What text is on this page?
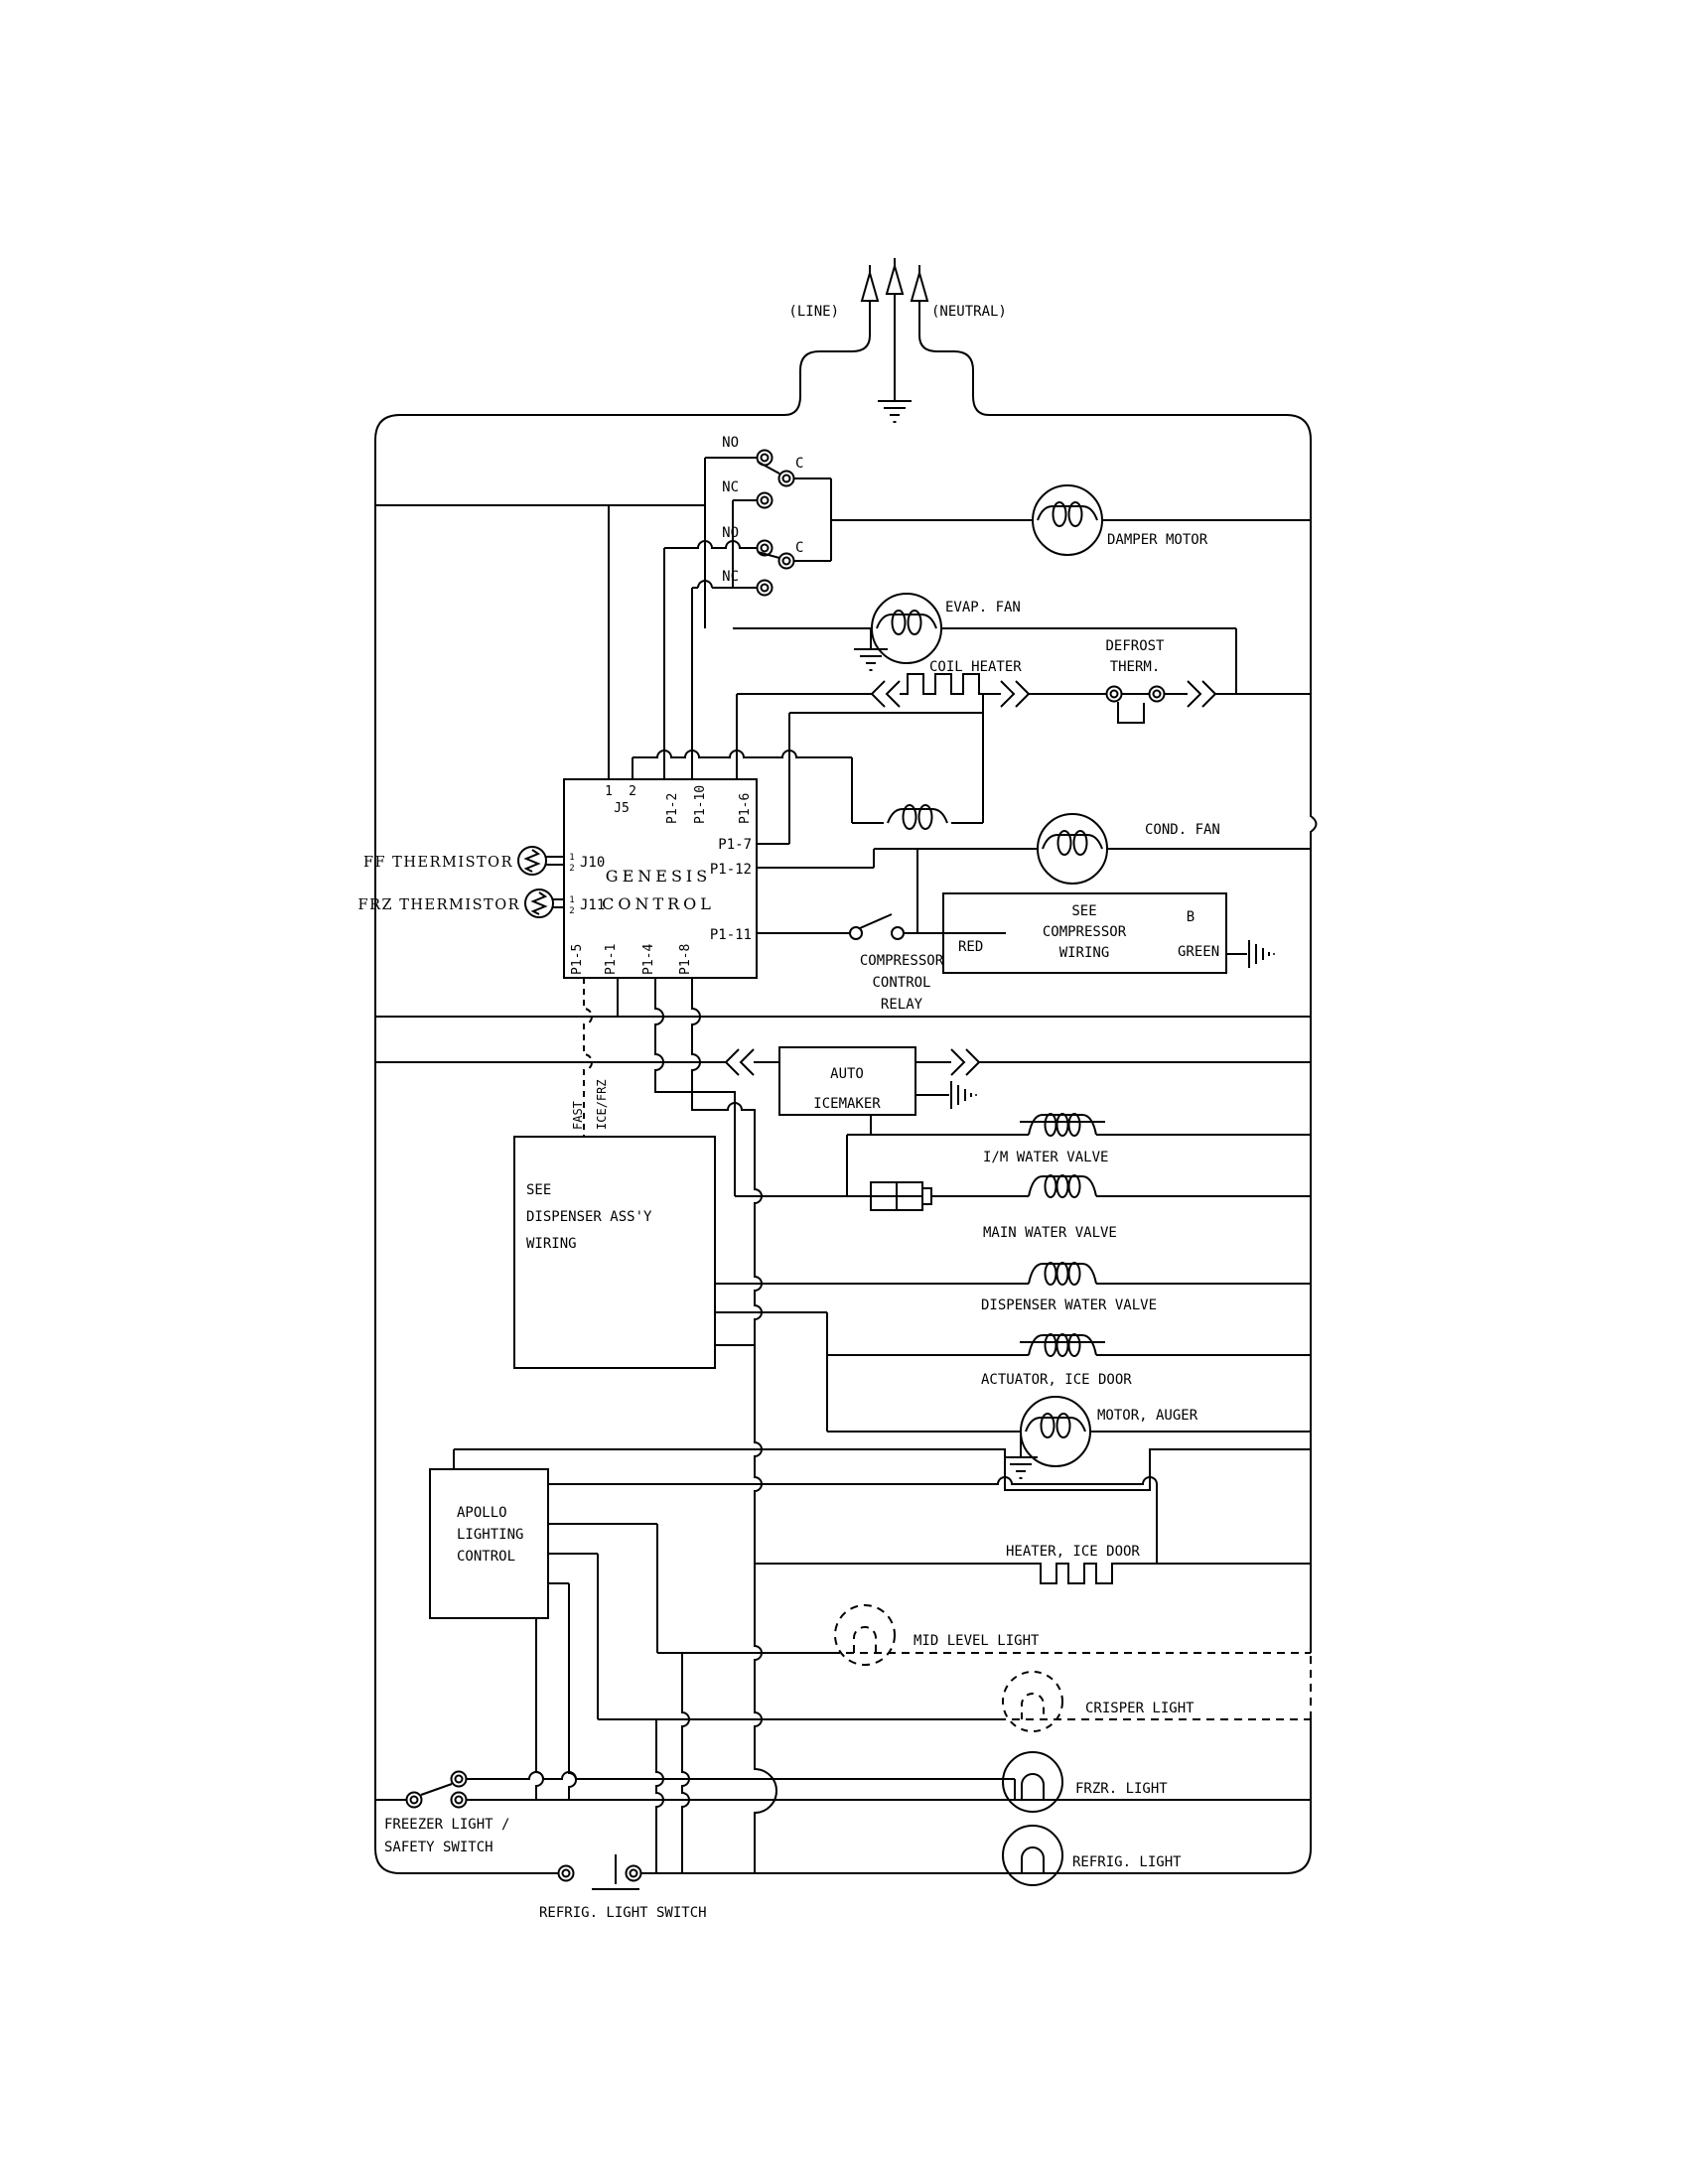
(LINE)	(NEUTRAL)
NO
C
NC
NO
C
NC
DAMPER MOTOR
EVAP. FAN
COIL HEATER
DEFROST
THERM.
1 2
J5	P1-2 P1-10 P1-6
P1-7
P1-12
P1-11
GENESIS
CONTROL
1
2 J10
1
2 J11
P1-5 P1-1 P1-4 P1-8
FF THERMISTOR
FRZ THERMISTOR
COND. FAN
COMPRESSOR
CONTROL
RELAY
SEE
COMPRESSOR
WIRING
RED
B
GREEN
FAST ICE/FRZ
AUTO
ICEMAKER
I/M WATER VALVE
MAIN WATER VALVE
DISPENSER WATER VALVE
ACTUATOR, ICE DOOR
SEE
DISPENSER ASS'Y
WIRING
MOTOR, AUGER
APOLLO
LIGHTING
CONTROL	HEATER, ICE DOOR
MID LEVEL LIGHT
CRISPER LIGHT
FRZR. LIGHT
REFRIG. LIGHT
FREEZER LIGHT /
SAFETY SWITCH
REFRIG. LIGHT SWITCH
